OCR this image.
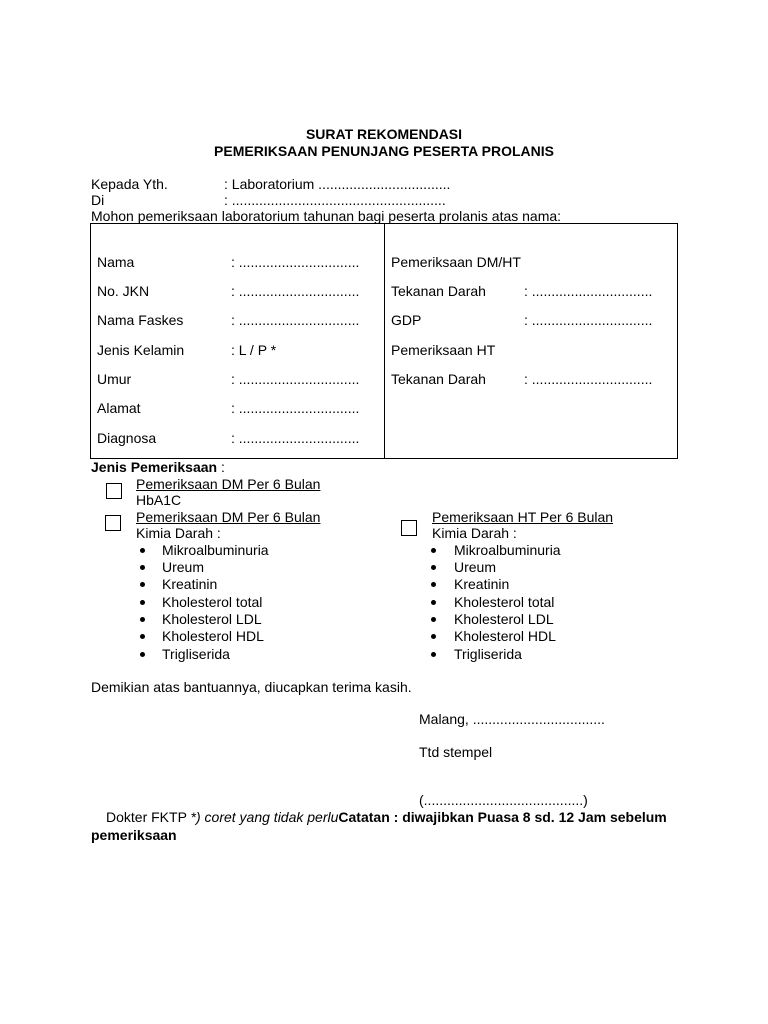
SURAT REKOMENDASI
PEMERIKSAAN PENUNJANG PESERTA PROLANIS
Kepada Yth.	: Laboratorium ..................................
Di	: .......................................................
Mohon pemeriksaan laboratorium tahunan bagi peserta prolanis atas nama:
Nama	: ...............................
No. JKN	: ...............................
Nama Faskes	: ...............................
Jenis Kelamin	: L / P *
Umur	: ...............................
Alamat	: ...............................
Diagnosa	: ...............................
Pemeriksaan DM/HT
Tekanan Darah	: ...............................
GDP	: ...............................
Pemeriksaan HT
Tekanan Darah	: ...............................
Jenis Pemeriksaan :
Pemeriksaan DM Per 6 Bulan
HbA1C
Pemeriksaan DM Per 6 Bulan
Kimia Darah :
Pemeriksaan HT Per 6 Bulan
Kimia Darah :
Mikroalbuminuria
Ureum
Kreatinin
Kholesterol total
Kholesterol LDL
Kholesterol HDL
Trigliserida
Mikroalbuminuria
Ureum
Kreatinin
Kholesterol total
Kholesterol LDL
Kholesterol HDL
Trigliserida
Demikian atas bantuannya, diucapkan terima kasih.
Malang, ..................................
Ttd stempel
(.........................................)
Dokter FKTP *) coret yang tidak perluCatatan : diwajibkan Puasa 8 sd. 12 Jam sebelum
pemeriksaan
